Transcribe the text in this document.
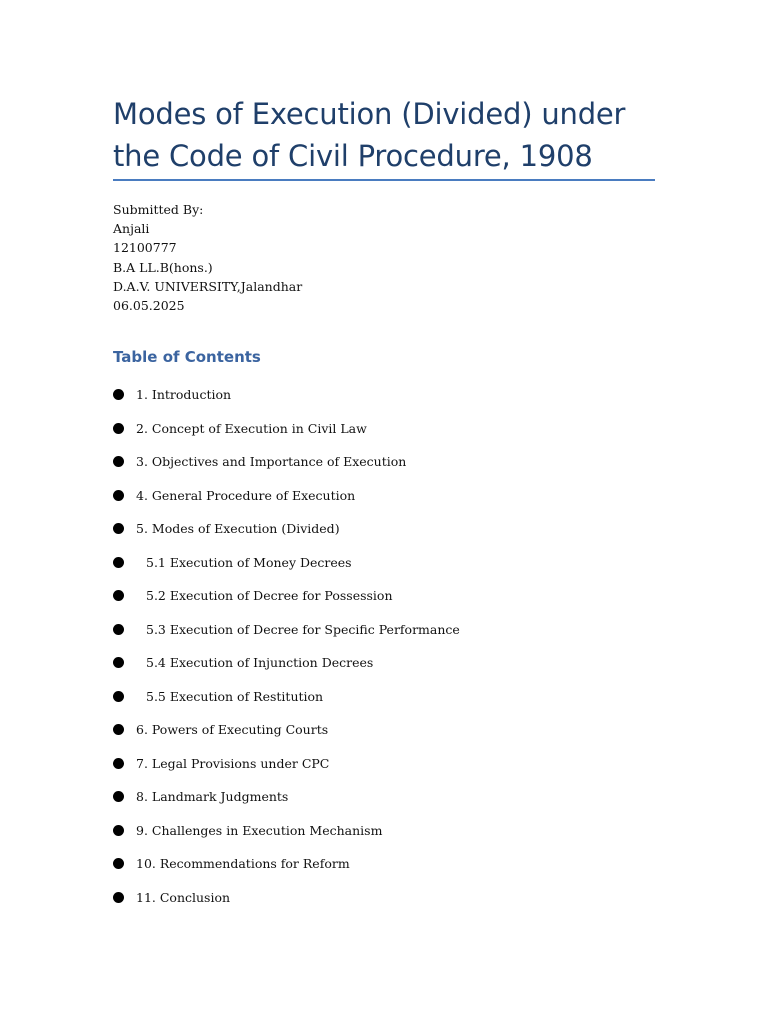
Modes of Execution (Divided) under the Code of Civil Procedure, 1908
Submitted By:
Anjali
12100777
B.A LL.B(hons.)
D.A.V. UNIVERSITY,Jalandhar
06.05.2025
Table of Contents
1. Introduction
2. Concept of Execution in Civil Law
3. Objectives and Importance of Execution
4. General Procedure of Execution
5. Modes of Execution (Divided)
5.1 Execution of Money Decrees
5.2 Execution of Decree for Possession
5.3 Execution of Decree for Specific Performance
5.4 Execution of Injunction Decrees
5.5 Execution of Restitution
6. Powers of Executing Courts
7. Legal Provisions under CPC
8. Landmark Judgments
9. Challenges in Execution Mechanism
10. Recommendations for Reform
11. Conclusion
